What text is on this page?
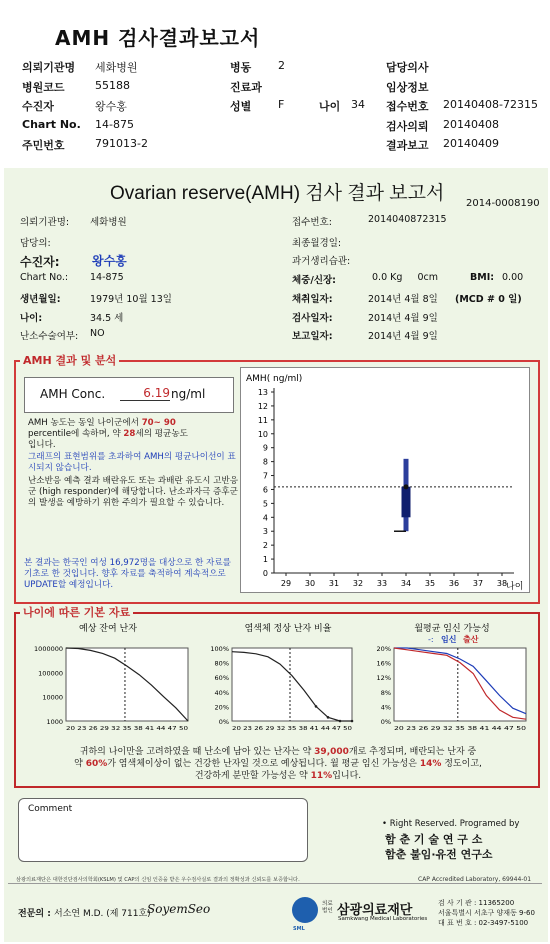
AMH 검사결과보고서
의뢰기관명 세화병원	병동 2	담당의사
병원코드	55188	진료과	임상정보
수진자	왕수홍	성별 F	나이 34 접수번호 20140408-72315
Chart No. 14-875	검사의뢰 20140408
주민번호	791013-2	결과보고 20140409
Ovarian reserve(AMH) 검사 결과 보고서 2014-0008190
의뢰기관명: 세화병원
담당의:
수진자:	왕수홍
Chart No.: 14-875
생년월일:	1979년 10월 13일
나이:	34.5 세
난소수술여부: NO
접수번호:	2014040872315
최종월경일:
과거생리습관:
체중/신장:	0.0 Kg     0cm	BMI: 0.00
채취일자:	2014년 4월 8일 (MCD # 0 일)
검사일자:	2014년 4월 9일
보고일자:	2014년 4월 9일
AMH 결과 및 분석
AMH Conc.	6.19 ng/ml
AMH 농도는 동일 나이군에서 70~ 90
percentile에 속하며, 약 28세의 평균농도
입니다.
그래프의 표현범위를 초과하여 AMH의 평균나이선이 표시되지 않습니다.
난소반응 예측 결과 배란유도 또는 과배란 유도시 고반응군 (high responder)에 해당합니다. 난소과자극 증후군의 발생을 예방하기 위한 주의가 필요할 수 있습니다.
본 결과는 한국인 여성 16,972명을 대상으로 한 자료를 기초로 한 것입니다. 향후 자료를 축적하여 계속적으로 UPDATE할 예정입니다.
AMH( ng/ml)
나이
0
1
2
3
4
5
6
7
8
9
10
11
12
13
29 30 31 32 33 34 35 36 37 38
나이에 따른 기본 자료
예상 잔여 난자
1000000
100000
10000
1000
20 23 26 29 32 35 38 41 44 47 50
염색체 정상 난자 비율
100%
80%
60%
40%
20%
0%
20 23 26 29 32 35 38 41 44 47 50
월평균 임신 가능성
-: 임신 출산
20%
16%
12%
8%
4%
0%
20 23 26 29 32 35 38 41 44 47 50
귀하의 나이만을 고려하였을 때 난소에 남아 있는 난자는 약 39,000개로 추정되며, 배란되는 난자 중
약 60%가 염색체이상이 없는 건강한 난자일 것으로 예상됩니다. 월 평균 임신 가능성은 14% 정도이고,
건강하게 분만할 가능성은 약 11%입니다.
Comment
• Right Reserved. Programed by
함 춘 기 술 연 구 소
함춘 불임·유전 연구소
삼광의료재단은 대한진단검사의학회(KSLM) 및 CAP의 신임 인증을 받은 우수검사실로 결과의 정확성과 신뢰도를 보증합니다.	CAP Accredited Laboratory, 69944-01
전문의 : 서소연 M.D. (제 711호)
SoyemSeo
SML
의료법인 삼광의료재단
Samkwang Medical Laboratories
검 사 기 관 : 11365200
서울특별시 서초구 양재동 9-60
대 표 번 호 : 02-3497-5100
